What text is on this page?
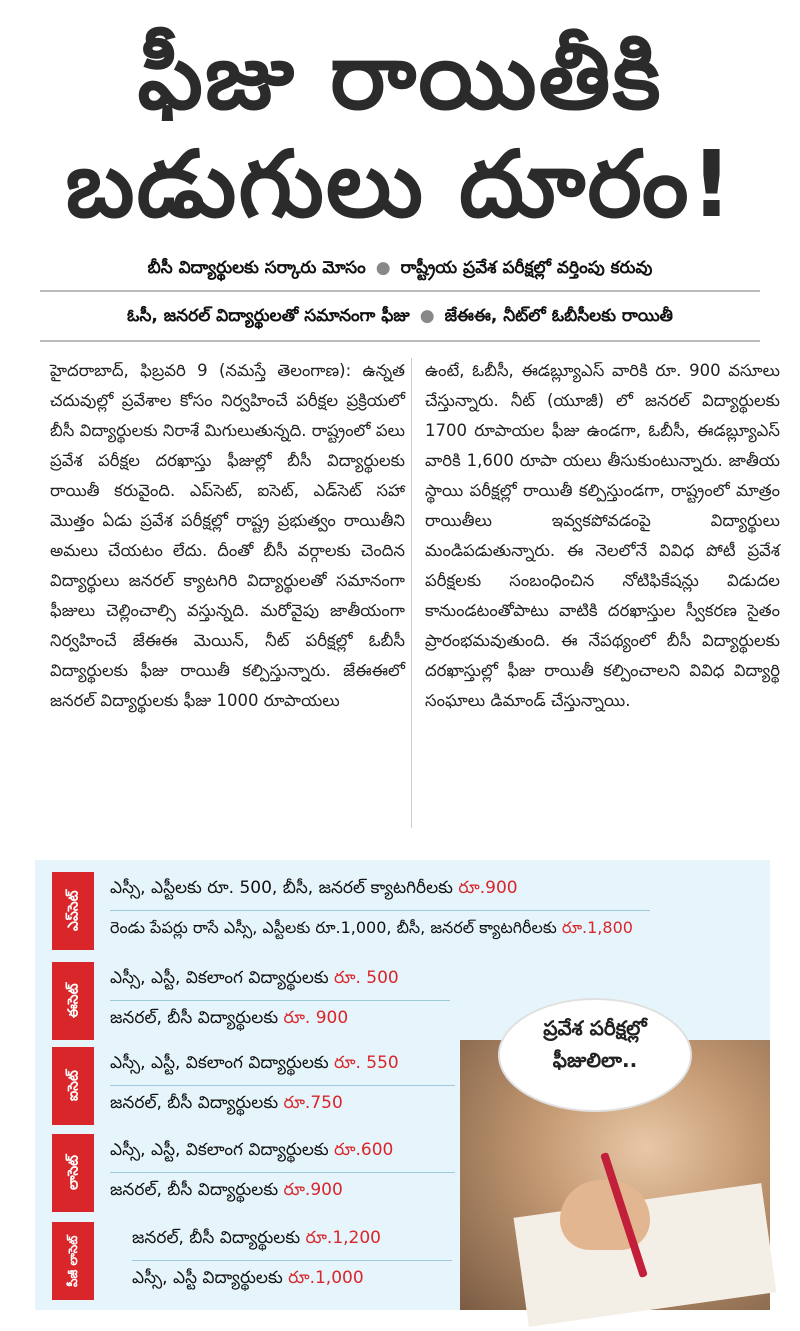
ఫీజు రాయితీకి
బడుగులు దూరం!
బీసీ విద్యార్థులకు సర్కారు మోసం ● రాష్ట్రీయ ప్రవేశ పరీక్షల్లో వర్తింపు కరువు
ఓసీ, జనరల్ విద్యార్థులతో సమానంగా ఫీజు ● జేఈఈ, నీట్‌లో ఓబీసీలకు రాయితీ
హైదరాబాద్, ఫిబ్రవరి 9 (నమస్తే తెలంగాణ): ఉన్నత చదువుల్లో ప్రవేశాల కోసం నిర్వహించే పరీక్షల ప్రక్రియలో బీసీ విద్యార్థులకు నిరాశే మిగులుతున్నది. రాష్ట్రంలో పలు ప్రవేశ పరీక్షల దరఖాస్తు ఫీజుల్లో బీసీ విద్యార్థులకు రాయితీ కరువైంది. ఎప్‌సెట్, ఐసెట్, ఎడ్‌సెట్ సహా మొత్తం ఏడు ప్రవేశ పరీక్షల్లో రాష్ట్ర ప్రభుత్వం రాయితీని అమలు చేయటం లేదు. దీంతో బీసీ వర్గాలకు చెందిన విద్యార్థులు జనరల్ క్యాటగిరి విద్యార్థులతో సమానంగా ఫీజులు చెల్లించాల్సి వస్తున్నది. మరోవైపు జాతీయంగా నిర్వహించే జేఈఈ మెయిన్, నీట్ పరీక్షల్లో ఓబీసీ విద్యార్థులకు ఫీజు రాయితీ కల్పిస్తున్నారు. జేఈఈలో జనరల్ విద్యార్థులకు ఫీజు 1000 రూపాయలు
ఉంటే, ఓబీసీ, ఈడబ్ల్యూఎస్ వారికి రూ. 900 వసూలు చేస్తున్నారు. నీట్ (యూజీ) లో జనరల్ విద్యార్థులకు 1700 రూపాయల ఫీజు ఉండగా, ఓబీసీ, ఈడబ్ల్యూఎస్ వారికి 1,600 రూపా యలు తీసుకుంటున్నారు. జాతీయ స్థాయి పరీక్షల్లో రాయితీ కల్పిస్తుండగా, రాష్ట్రంలో మాత్రం రాయితీలు ఇవ్వకపోవడంపై విద్యార్థులు మండిపడుతున్నారు. ఈ నెలలోనే వివిధ పోటీ ప్రవేశ పరీక్షలకు సంబంధించిన నోటిఫికేషన్లు విడుదల కానుండటంతోపాటు వాటికి దరఖాస్తుల స్వీకరణ సైతం ప్రారంభమవుతుంది. ఈ నేపథ్యంలో బీసీ విద్యార్థులకు దరఖాస్తుల్లో ఫీజు రాయితీ కల్పించాలని వివిధ విద్యార్థి సంఘాలు డిమాండ్ చేస్తున్నాయి.
ప్రవేశ పరీక్షల్లో
ఫీజులిలా..
ఎప్‌సెట్
ఎస్సీ, ఎస్టీలకు రూ. 500, బీసీ, జనరల్ క్యాటగిరీలకు రూ.900
రెండు పేపర్లు రాసే ఎస్సీ, ఎస్టీలకు రూ.1,000, బీసీ, జనరల్ క్యాటగిరీలకు రూ.1,800
ఈసెట్
ఎస్సీ, ఎస్టీ, వికలాంగ విద్యార్థులకు రూ. 500
జనరల్, బీసీ విద్యార్థులకు రూ. 900
ఐసెట్
ఎస్సీ, ఎస్టీ, వికలాంగ విద్యార్థులకు రూ. 550
జనరల్, బీసీ విద్యార్థులకు రూ.750
లాసెట్
ఎస్సీ, ఎస్టీ, వికలాంగ విద్యార్థులకు రూ.600
జనరల్, బీసీ విద్యార్థులకు రూ.900
పీజీ లాసెట్	జనరల్, బీసీ విద్యార్థులకు రూ.1,200
ఎస్సీ, ఎస్టీ విద్యార్థులకు రూ.1,000
